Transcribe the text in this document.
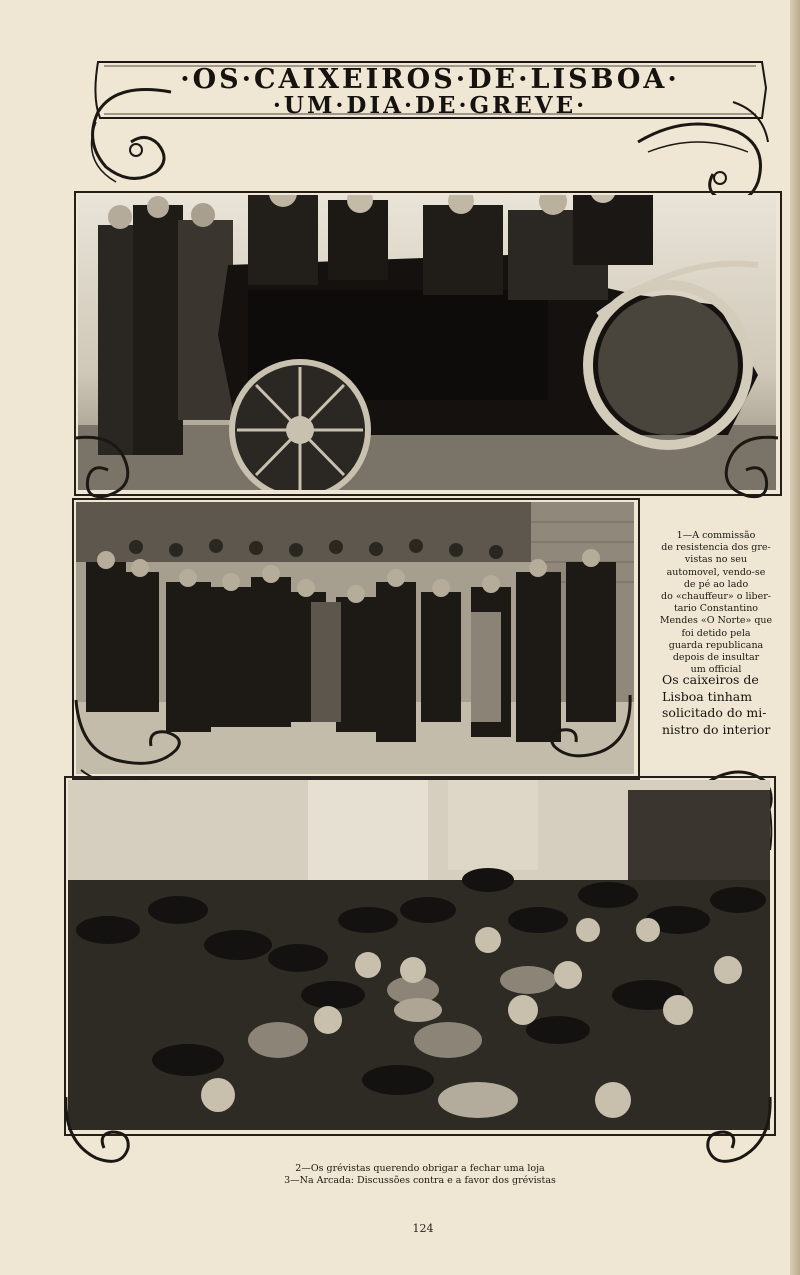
·OS·CAIXEIROS·DE·LISBOA·
·UM·DIA·DE·GREVE·
1—A commissão
de resistencia dos gre-
vistas no seu
automovel, vendo-se
de pé ao lado
do «chauffeur» o liber-
tario Constantino
Mendes «O Norte» que
foi detido pela
guarda republicana
depois de insultar
um official
Os caixeiros de
Lisboa tinham
solicitado do mi-
nistro do interior
2—Os grévistas querendo obrigar a fechar uma loja
3—Na Arcada: Discussões contra e a favor dos grévistas
124
